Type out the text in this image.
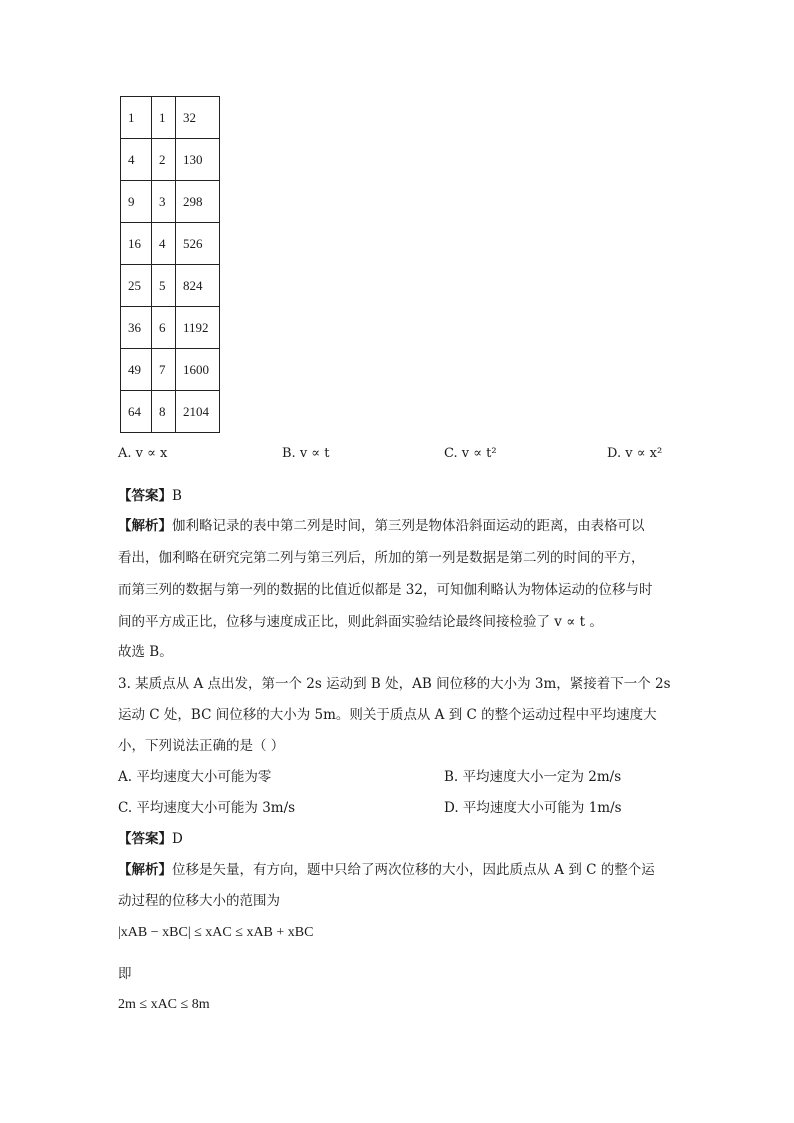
1	1	32
4	2	130
9	3	298
16	4	526
25	5	824
36	6	1192
49	7	1600
64	8	2104
A. v ∝ x	B. v ∝ t	C. v ∝ t²	D. v ∝ x²
【答案】B
【解析】伽利略记录的表中第二列是时间，第三列是物体沿斜面运动的距离，由表格可以
看出，伽利略在研究完第二列与第三列后，所加的第一列是数据是第二列的时间的平方，
而第三列的数据与第一列的数据的比值近似都是 32，可知伽利略认为物体运动的位移与时
间的平方成正比，位移与速度成正比，则此斜面实验结论最终间接检验了 v ∝ t 。
故选 B。
3. 某质点从 A 点出发，第一个 2s 运动到 B 处，AB 间位移的大小为 3m，紧接着下一个 2s
运动 C 处，BC 间位移的大小为 5m。则关于质点从 A 到 C 的整个运动过程中平均速度大
小，下列说法正确的是（ ）
A. 平均速度大小可能为零	B. 平均速度大小一定为 2m/s
C. 平均速度大小可能为 3m/s	D. 平均速度大小可能为 1m/s
【答案】D
【解析】位移是矢量，有方向，题中只给了两次位移的大小，因此质点从 A 到 C 的整个运
动过程的位移大小的范围为
|xAB − xBC| ≤ xAC ≤ xAB + xBC
即
2m ≤ xAC ≤ 8m
